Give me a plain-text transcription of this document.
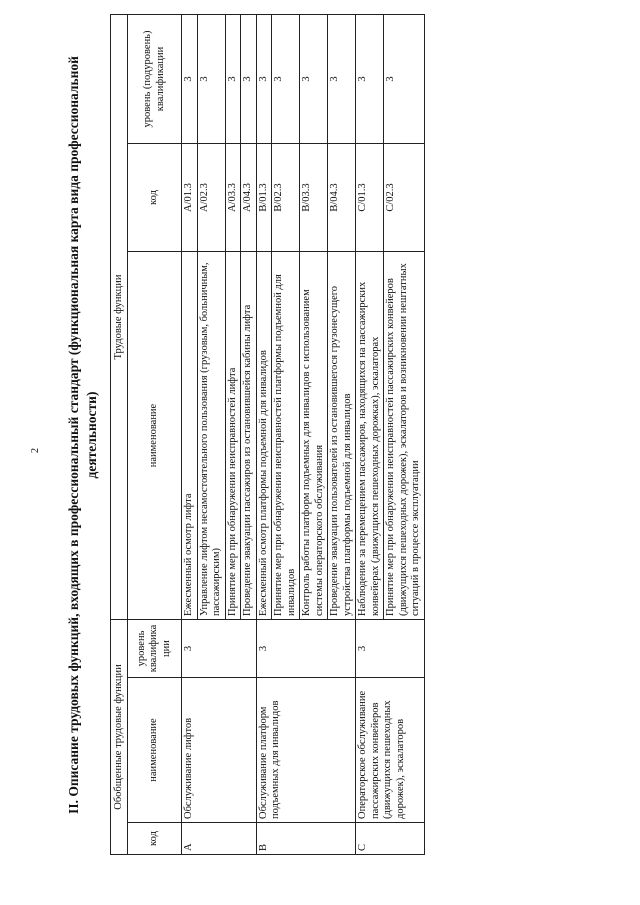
2 II. Описание трудовых функций, входящих в профессиональный стандарт (функциональная карта вида профессиональной деятельности)
Обобщенные трудовые функции			Трудовые функции		
код	наименование	уровень квалификации	наименование	код	уровень (подуровень) квалификации
A	Обслуживание лифтов	3	Ежесменный осмотр лифта	A/01.3	3
			Управление лифтом несамостоятельного пользования (грузовым, больничным, пассажирским)	A/02.3	3
			Принятие мер при обнаружении неисправностей лифта	A/03.3	3
			Проведение эвакуации пассажиров из остановившейся кабины лифта	A/04.3	3
B	Обслуживание платформ подъемных для инвалидов	3	Ежесменный осмотр платформы подъемной для инвалидов	B/01.3	3
			Принятие мер при обнаружении неисправностей платформы подъемной для инвалидов	B/02.3	3
			Контроль работы платформ подъемных для инвалидов с использованием системы операторского обслуживания	B/03.3	3
			Проведение эвакуации пользователей из остановившегося грузонесущего устройства платформы подъемной для инвалидов	B/04.3	3
C	Операторское обслуживание пассажирских конвейеров (движущихся пешеходных дорожек), эскалаторов	3	Наблюдение за перемещением пассажиров, находящихся на пассажирских конвейерах (движущихся пешеходных дорожках), эскалаторах	C/01.3	3
			Принятие мер при обнаружении неисправностей пассажирских конвейеров (движущихся пешеходных дорожек), эскалаторов и возникновении нештатных ситуаций в процессе эксплуатации	C/02.3	3
